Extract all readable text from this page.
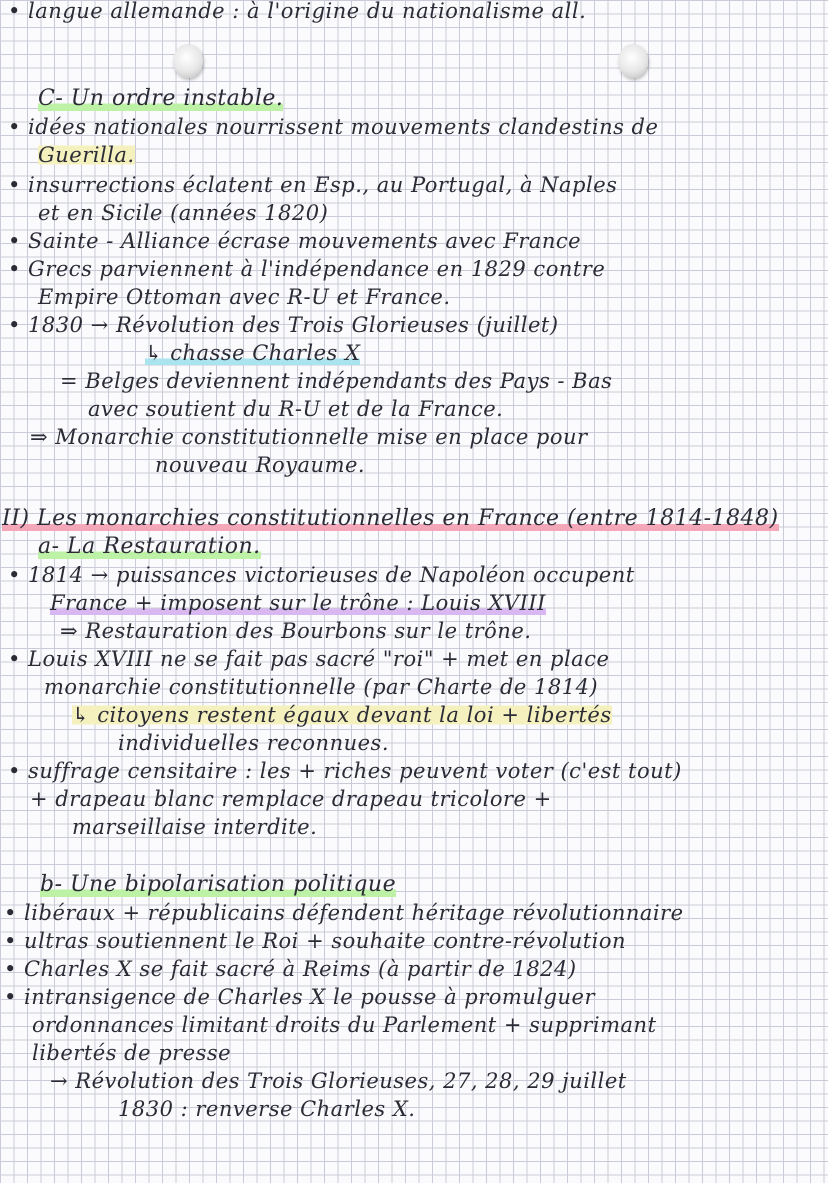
• langue allemande : à l'origine du nationalisme all.
C- Un ordre instable.
• idées nationales nourrissent mouvements clandestins de
Guerilla.
• insurrections éclatent en Esp., au Portugal, à Naples
et en Sicile (années 1820)
• Sainte - Alliance écrase mouvements avec France
• Grecs parviennent à l'indépendance en 1829 contre
Empire Ottoman avec R-U et France.
• 1830 → Révolution des Trois Glorieuses (juillet)
↳ chasse Charles X
= Belges deviennent indépendants des Pays - Bas
avec soutient du R-U et de la France.
⇒ Monarchie constitutionnelle mise en place pour
nouveau Royaume.
II) Les monarchies constitutionnelles en France (entre 1814-1848)
a- La Restauration.
• 1814 → puissances victorieuses de Napoléon occupent
France + imposent sur le trône : Louis XVIII
⇒ Restauration des Bourbons sur le trône.
• Louis XVIII ne se fait pas sacré "roi" + met en place
monarchie constitutionnelle (par Charte de 1814)
↳ citoyens restent égaux devant la loi + libertés
individuelles reconnues.
• suffrage censitaire : les + riches peuvent voter (c'est tout)
+ drapeau blanc remplace drapeau tricolore +
marseillaise interdite.
b- Une bipolarisation politique
• libéraux + républicains défendent héritage révolutionnaire
• ultras soutiennent le Roi + souhaite contre-révolution
• Charles X se fait sacré à Reims (à partir de 1824)
• intransigence de Charles X le pousse à promulguer
ordonnances limitant droits du Parlement + supprimant
libertés de presse
→ Révolution des Trois Glorieuses, 27, 28, 29 juillet
1830 : renverse Charles X.
